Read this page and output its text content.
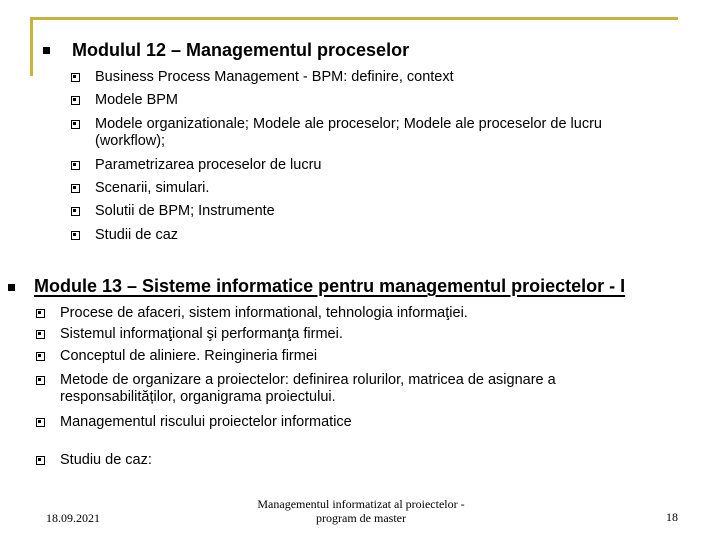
Modulul 12 – Managementul proceselor
Business Process Management - BPM: definire, context
Modele BPM
Modele organizationale; Modele ale proceselor; Modele ale proceselor de lucru (workflow);
Parametrizarea proceselor de lucru
Scenarii, simulari.
Solutii de BPM; Instrumente
Studii de caz
Module 13 – Sisteme informatice pentru managementul proiectelor - I
Procese de afaceri, sistem informational, tehnologia informaţiei.
Sistemul informaţional şi performanţa firmei.
Conceptul de aliniere. Reingineria firmei
Metode de organizare a proiectelor: definirea rolurilor, matricea de asignare a responsabilităților, organigrama proiectului.
Managementul riscului proiectelor informatice
Studiu de caz:
18.09.2021
Managementul informatizat al proiectelor -
program de master	18
